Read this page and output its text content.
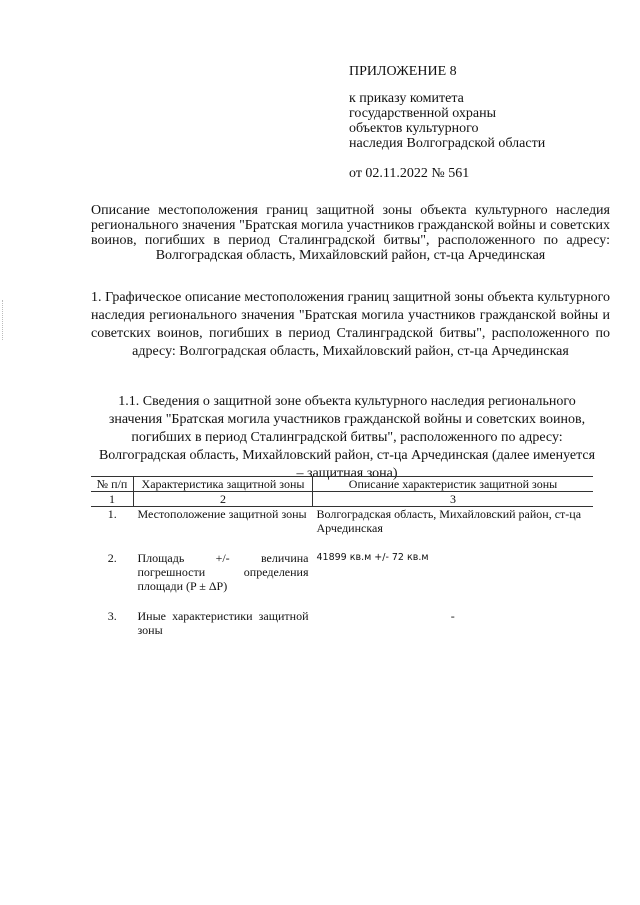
ПРИЛОЖЕНИЕ 8
к приказу комитета
государственной охраны
объектов культурного
наследия Волгоградской области
от 02.11.2022 № 561
Описание местоположения границ защитной зоны объекта культурного наследия регионального значения "Братская могила участников гражданской войны и советских воинов, погибших в период Сталинградской битвы", расположенного по адресу: Волгоградская область, Михайловский район, ст-ца Арчединская
1. Графическое описание местоположения границ защитной зоны объекта культурного наследия регионального значения "Братская могила участников гражданской войны и советских воинов, погибших в период Сталинградской битвы", расположенного по адресу: Волгоградская область, Михайловский район, ст-ца Арчединская
1.1. Сведения о защитной зоне объекта культурного наследия регионального значения "Братская могила участников гражданской войны и советских воинов, погибших в период Сталинградской битвы", расположенного по адресу: Волгоградская область, Михайловский район, ст-ца Арчединская (далее именуется – защитная зона)
№ п/п	Характеристика защитной зоны	Описание характеристик защитной зоны
1	2	3
1.	Местоположение защитной зоны	Волгоградская область, Михайловский район, ст-ца Арчединская
2.	Площадь +/- величина погрешности определения площади (P ± ΔP)	41899 кв.м +/- 72 кв.м
3.	Иные характеристики защитной зоны	-
